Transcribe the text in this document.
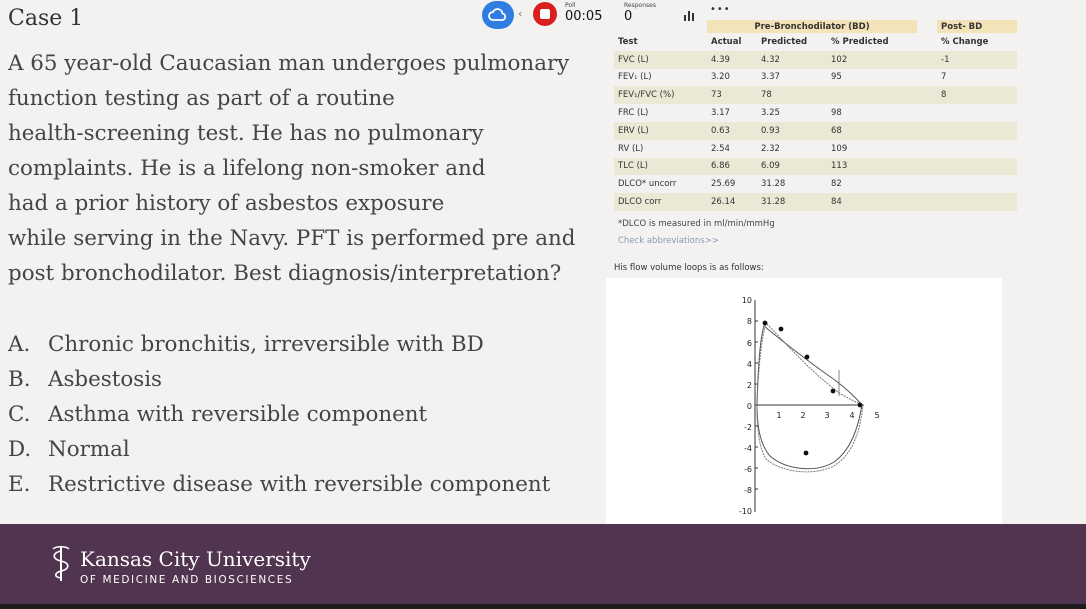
Case 1
A 65 year-old Caucasian man undergoes pulmonary
function testing as part of a routine
health-screening test. He has no pulmonary
complaints. He is a lifelong non-smoker and
had a prior history of asbestos exposure
while serving in the Navy. PFT is performed pre and
post bronchodilator. Best diagnosis/interpretation?
A. Chronic bronchitis, irreversible with BD
B. Asbestosis
C. Asthma with reversible component
D. Normal
E. Restrictive disease with reversible component
‹
Poll
00:05
Responses
0	•••
	Pre-Bronchodilator (BD)				Post- BD
Test	Actual	Predicted	% Predicted		% Change
FVC (L)	4.39	4.32	102		-1
FEV₁ (L)	3.20	3.37	95		7
FEV₁/FVC (%)	73	78			8
FRC (L)	3.17	3.25	98		
ERV (L)	0.63	0.93	68		
RV (L)	2.54	2.32	109		
TLC (L)	6.86	6.09	113		
DLCO* uncorr	25.69	31.28	82		
DLCO corr	26.14	31.28	84		
*DLCO is measured in ml/min/mmHg
Check abbreviations>>
His flow volume loops is as follows:
10
8
6
4
2
0
-2
-4
-6
-8
-10
1 2 3 4 5
Kansas City University
OF MEDICINE AND BIOSCIENCES
